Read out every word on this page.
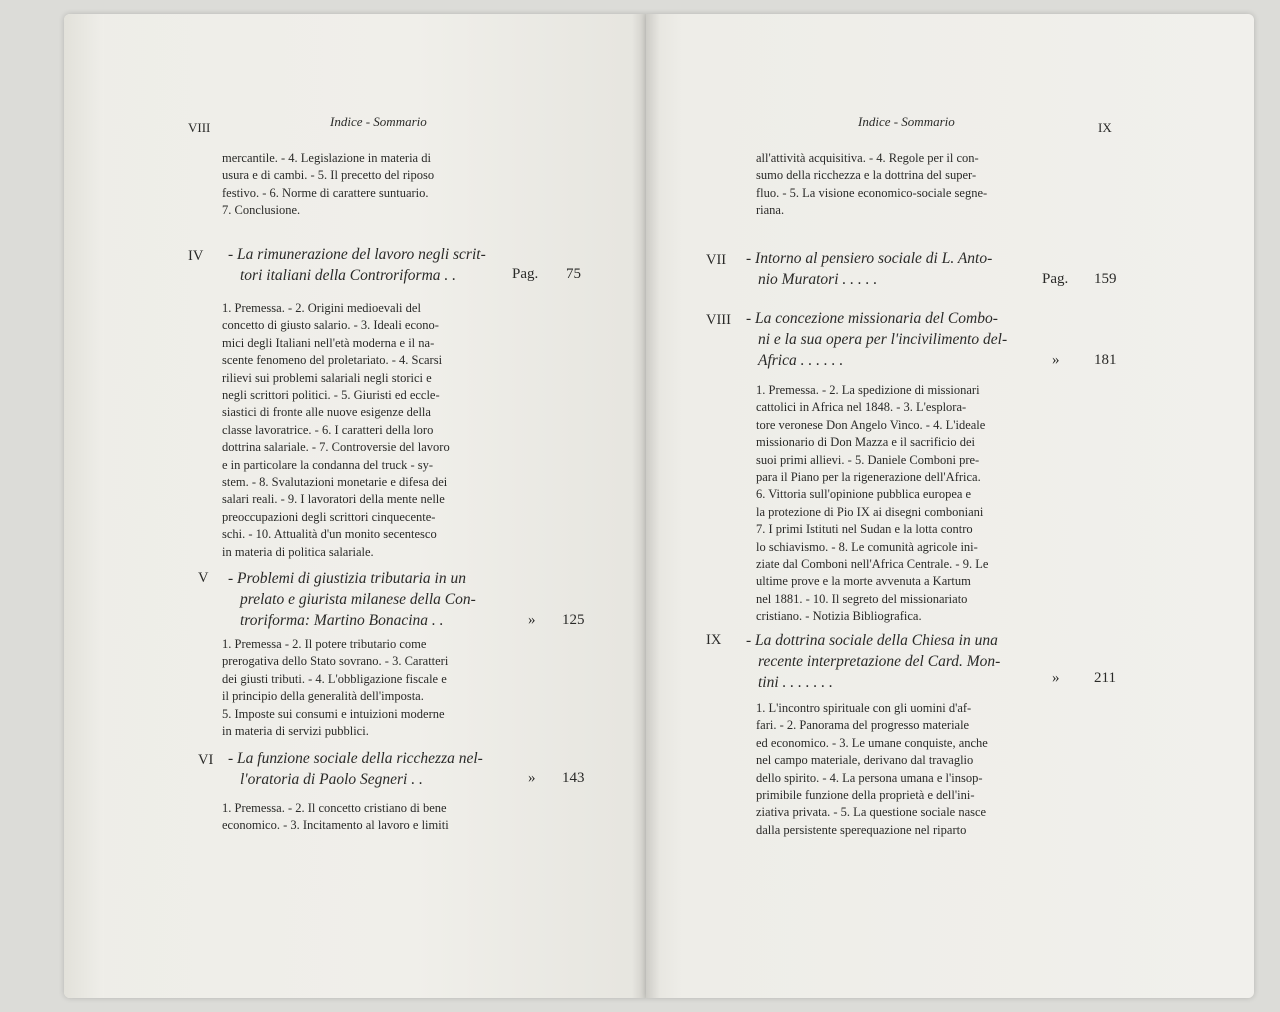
VIII	Indice - Sommario
mercantile. - 4. Legislazione in materia di
usura e di cambi. - 5. Il precetto del riposo
festivo. - 6. Norme di carattere suntuario.
7. Conclusione.
IV - La rimunerazione del lavoro negli scrit-
tori italiani della Controriforma . .	Pag. 75
1. Premessa. - 2. Origini medioevali del
concetto di giusto salario. - 3. Ideali econo-
mici degli Italiani nell'età moderna e il na-
scente fenomeno del proletariato. - 4. Scarsi
rilievi sui problemi salariali negli storici e
negli scrittori politici. - 5. Giuristi ed eccle-
siastici di fronte alle nuove esigenze della
classe lavoratrice. - 6. I caratteri della loro
dottrina salariale. - 7. Controversie del lavoro
e in particolare la condanna del truck - sy-
stem. - 8. Svalutazioni monetarie e difesa dei
salari reali. - 9. I lavoratori della mente nelle
preoccupazioni degli scrittori cinquecente-
schi. - 10. Attualità d'un monito secentesco
in materia di politica salariale.
V - Problemi di giustizia tributaria in un
prelato e giurista milanese della Con-
troriforma: Martino Bonacina . .	» 125
1. Premessa - 2. Il potere tributario come
prerogativa dello Stato sovrano. - 3. Caratteri
dei giusti tributi. - 4. L'obbligazione fiscale e
il principio della generalità dell'imposta.
5. Imposte sui consumi e intuizioni moderne
in materia di servizi pubblici.
VI - La funzione sociale della ricchezza nel-
l'oratoria di Paolo Segneri . .	» 143
1. Premessa. - 2. Il concetto cristiano di bene
economico. - 3. Incitamento al lavoro e limiti
Indice - Sommario	IX
all'attività acquisitiva. - 4. Regole per il con-
sumo della ricchezza e la dottrina del super-
fluo. - 5. La visione economico-sociale segne-
riana.
VII - Intorno al pensiero sociale di L. Anto-
nio Muratori . . . . .	Pag. 159
VIII - La concezione missionaria del Combo-
ni e la sua opera per l'incivilimento del-
Africa . . . . . .	» 181
1. Premessa. - 2. La spedizione di missionari
cattolici in Africa nel 1848. - 3. L'esplora-
tore veronese Don Angelo Vinco. - 4. L'ideale
missionario di Don Mazza e il sacrificio dei
suoi primi allievi. - 5. Daniele Comboni pre-
para il Piano per la rigenerazione dell'Africa.
6. Vittoria sull'opinione pubblica europea e
la protezione di Pio IX ai disegni comboniani
7. I primi Istituti nel Sudan e la lotta contro
lo schiavismo. - 8. Le comunità agricole ini-
ziate dal Comboni nell'Africa Centrale. - 9. Le
ultime prove e la morte avvenuta a Kartum
nel 1881. - 10. Il segreto del missionariato
cristiano. - Notizia Bibliografica.
IX - La dottrina sociale della Chiesa in una
recente interpretazione del Card. Mon-
tini . . . . . . .	» 211
1. L'incontro spirituale con gli uomini d'af-
fari. - 2. Panorama del progresso materiale
ed economico. - 3. Le umane conquiste, anche
nel campo materiale, derivano dal travaglio
dello spirito. - 4. La persona umana e l'insop-
primibile funzione della proprietà e dell'ini-
ziativa privata. - 5. La questione sociale nasce
dalla persistente sperequazione nel riparto
